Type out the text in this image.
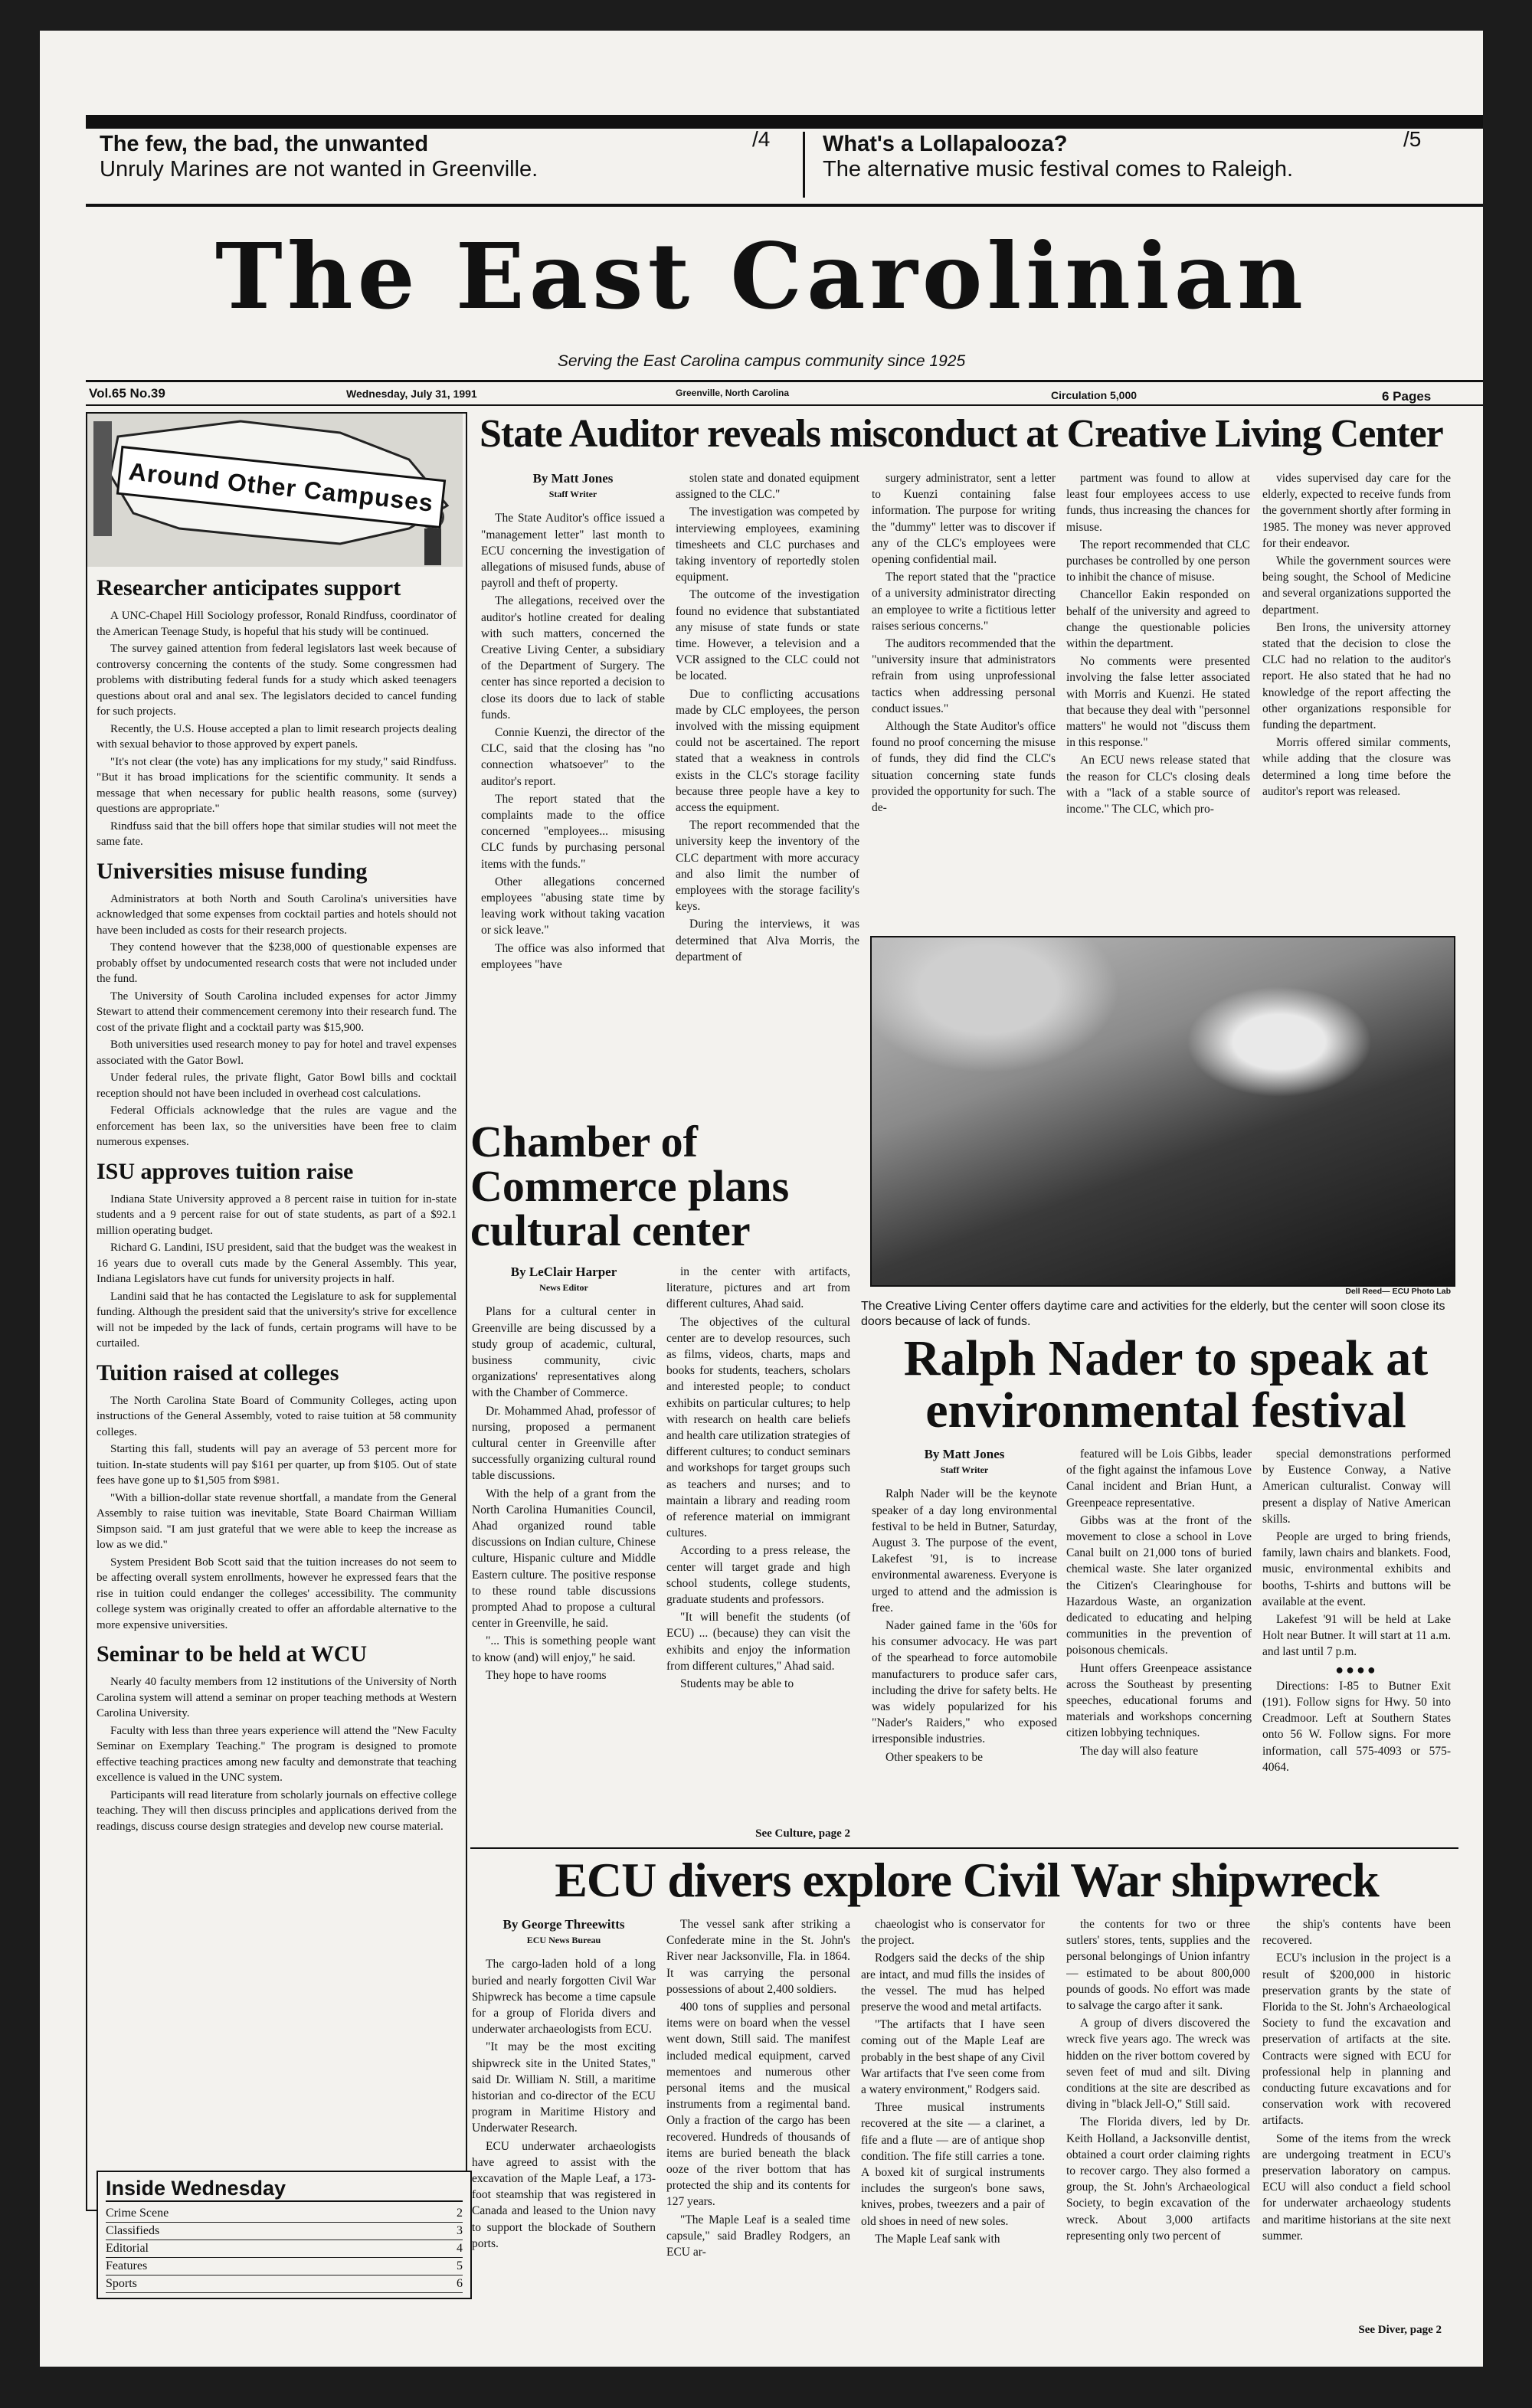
The few, the bad, the unwanted
Unruly Marines are not wanted in Greenville.
/4 What's a Lollapalooza?
The alternative music festival comes to Raleigh.
/5
The East Carolinian
Serving the East Carolina campus community since 1925
Vol.65 No.39	Wednesday, July 31, 1991	Greenville, North Carolina	Circulation 5,000	6 Pages
Around Other Campuses
Researcher anticipates support

A UNC-Chapel Hill Sociology professor, Ronald Rindfuss, coordinator of the American Teenage Study, is hopeful that his study will be continued.

The survey gained attention from federal legislators last week because of controversy concerning the contents of the study. Some congressmen had problems with distributing federal funds for a study which asked teenagers questions about oral and anal sex. The legislators decided to cancel funding for such projects.

Recently, the U.S. House accepted a plan to limit research projects dealing with sexual behavior to those approved by expert panels.

"It's not clear (the vote) has any implications for my study," said Rindfuss. "But it has broad implications for the scientific community. It sends a message that when necessary for public health reasons, some (survey) questions are appropriate."

Rindfuss said that the bill offers hope that similar studies will not meet the same fate.

Universities misuse funding

Administrators at both North and South Carolina's universities have acknowledged that some expenses from cocktail parties and hotels should not have been included as costs for their research projects.

They contend however that the $238,000 of questionable expenses are probably offset by undocumented research costs that were not included under the fund.

The University of South Carolina included expenses for actor Jimmy Stewart to attend their commencement ceremony into their research fund. The cost of the private flight and a cocktail party was $15,900.

Both universities used research money to pay for hotel and travel expenses associated with the Gator Bowl.

Under federal rules, the private flight, Gator Bowl bills and cocktail reception should not have been included in overhead cost calculations.

Federal Officials acknowledge that the rules are vague and the enforcement has been lax, so the universities have been free to claim numerous expenses.

ISU approves tuition raise

Indiana State University approved a 8 percent raise in tuition for in-state students and a 9 percent raise for out of state students, as part of a $92.1 million operating budget.

Richard G. Landini, ISU president, said that the budget was the weakest in 16 years due to overall cuts made by the General Assembly. This year, Indiana Legislators have cut funds for university projects in half.

Landini said that he has contacted the Legislature to ask for supplemental funding. Although the president said that the university's strive for excellence will not be impeded by the lack of funds, certain programs will have to be curtailed.

Tuition raised at colleges

The North Carolina State Board of Community Colleges, acting upon instructions of the General Assembly, voted to raise tuition at 58 community colleges.

Starting this fall, students will pay an average of 53 percent more for tuition. In-state students will pay $161 per quarter, up from $105. Out of state fees have gone up to $1,505 from $981.

"With a billion-dollar state revenue shortfall, a mandate from the General Assembly to raise tuition was inevitable, State Board Chairman William Simpson said. "I am just grateful that we were able to keep the increase as low as we did."

System President Bob Scott said that the tuition increases do not seem to be affecting overall system enrollments, however he expressed fears that the rise in tuition could endanger the colleges' accessibility. The community college system was originally created to offer an affordable alternative to the more expensive universities.

Seminar to be held at WCU

Nearly 40 faculty members from 12 institutions of the University of North Carolina system will attend a seminar on proper teaching methods at Western Carolina University.

Faculty with less than three years experience will attend the "New Faculty Seminar on Exemplary Teaching." The program is designed to promote effective teaching practices among new faculty and demonstrate that teaching excellence is valued in the UNC system.

Participants will read literature from scholarly journals on effective college teaching. They will then discuss principles and applications derived from the readings, discuss course design strategies and develop new course material.

Inside Wednesday
Crime Scene	2
Classifieds	3
Editorial	4
Features	5
Sports	6
State Auditor reveals misconduct at Creative Living Center
By Matt Jones
Staff Writer

The State Auditor's office issued a "management letter" last month to ECU concerning the investigation of allegations of misused funds, abuse of payroll and theft of property.

The allegations, received over the auditor's hotline created for dealing with such matters, concerned the Creative Living Center, a subsidiary of the Department of Surgery. The center has since reported a decision to close its doors due to lack of stable funds.

Connie Kuenzi, the director of the CLC, said that the closing has "no connection whatsoever" to the auditor's report.

The report stated that the complaints made to the office concerned "employees... misusing CLC funds by purchasing personal items with the funds."

Other allegations concerned employees "abusing state time by leaving work without taking vacation or sick leave."

The office was also informed that employees "have

stolen state and donated equipment assigned to the CLC."

The investigation was competed by interviewing employees, examining timesheets and CLC purchases and taking inventory of reportedly stolen equipment.

The outcome of the investigation found no evidence that substantiated any misuse of state funds or state time. However, a television and a VCR assigned to the CLC could not be located.

Due to conflicting accusations made by CLC employees, the person involved with the missing equipment could not be ascertained. The report stated that a weakness in controls exists in the CLC's storage facility because three people have a key to access the equipment.

The report recommended that the university keep the inventory of the CLC department with more accuracy and also limit the number of employees with the storage facility's keys.

During the interviews, it was determined that Alva Morris, the department of

surgery administrator, sent a letter to Kuenzi containing false information. The purpose for writing the "dummy" letter was to discover if any of the CLC's employees were opening confidential mail.

The report stated that the "practice of a university administrator directing an employee to write a fictitious letter raises serious concerns."

The auditors recommended that the "university insure that administrators refrain from using unprofessional tactics when addressing personal conduct issues."

Although the State Auditor's office found no proof concerning the misuse of funds, they did find the CLC's situation concerning state funds provided the opportunity for such. The de-

partment was found to allow at least four employees access to use funds, thus increasing the chances for misuse.

The report recommended that CLC purchases be controlled by one person to inhibit the chance of misuse.

Chancellor Eakin responded on behalf of the university and agreed to change the questionable policies within the department.

No comments were presented involving the false letter associated with Morris and Kuenzi. He stated that because they deal with "personnel matters" he would not "discuss them in this response."

An ECU news release stated that the reason for CLC's closing deals with a "lack of a stable source of income." The CLC, which pro-

vides supervised day care for the elderly, expected to receive funds from the government shortly after forming in 1985. The money was never approved for their endeavor.

While the government sources were being sought, the School of Medicine and several organizations supported the department.

Ben Irons, the university attorney stated that the decision to close the CLC had no relation to the auditor's report. He also stated that he had no knowledge of the report affecting the other organizations responsible for funding the department.

Morris offered similar comments, while adding that the closure was determined a long time before the auditor's report was released.

Dell Reed— ECU Photo Lab
The Creative Living Center offers daytime care and activities for the elderly, but the center will soon close its doors because of lack of funds.
Chamber of Commerce plans cultural center
By LeClair Harper
News Editor

Plans for a cultural center in Greenville are being discussed by a study group of academic, cultural, business community, civic organizations' representatives along with the Chamber of Commerce.

Dr. Mohammed Ahad, professor of nursing, proposed a permanent cultural center in Greenville after successfully organizing cultural round table discussions.

With the help of a grant from the North Carolina Humanities Council, Ahad organized round table discussions on Indian culture, Chinese culture, Hispanic culture and Middle Eastern culture. The positive response to these round table discussions prompted Ahad to propose a cultural center in Greenville, he said.

"... This is something people want to know (and) will enjoy," he said.

They hope to have rooms

in the center with artifacts, literature, pictures and art from different cultures, Ahad said.

The objectives of the cultural center are to develop resources, such as films, videos, charts, maps and books for students, teachers, scholars and interested people; to conduct exhibits on particular cultures; to help with research on health care beliefs and health care utilization strategies of different cultures; to conduct seminars and workshops for target groups such as teachers and nurses; and to maintain a library and reading room of reference material on immigrant cultures.

According to a press release, the center will target grade and high school students, college students, graduate students and professors.

"It will benefit the students (of ECU) ... (because) they can visit the exhibits and enjoy the information from different cultures," Ahad said.

Students may be able to

See Culture, page 2
Ralph Nader to speak at environmental festival
By Matt Jones
Staff Writer

Ralph Nader will be the keynote speaker of a day long environmental festival to be held in Butner, Saturday, August 3. The purpose of the event, Lakefest '91, is to increase environmental awareness. Everyone is urged to attend and the admission is free.

Nader gained fame in the '60s for his consumer advocacy. He was part of the spearhead to force automobile manufacturers to produce safer cars, including the drive for safety belts. He was widely popularized for his "Nader's Raiders," who exposed irresponsible industries.

Other speakers to be

featured will be Lois Gibbs, leader of the fight against the infamous Love Canal incident and Brian Hunt, a Greenpeace representative.

Gibbs was at the front of the movement to close a school in Love Canal built on 21,000 tons of buried chemical waste. She later organized the Citizen's Clearinghouse for Hazardous Waste, an organization dedicated to educating and helping communities in the prevention of poisonous chemicals.

Hunt offers Greenpeace assistance across the Southeast by presenting speeches, educational forums and materials and workshops concerning citizen lobbying techniques.

The day will also feature

special demonstrations performed by Eustence Conway, a Native American culturalist. Conway will present a display of Native American skills.

People are urged to bring friends, family, lawn chairs and blankets. Food, music, environmental exhibits and booths, T-shirts and buttons will be available at the event.

Lakefest '91 will be held at Lake Holt near Butner. It will start at 11 a.m. and last until 7 p.m.

●●●●

Directions: I-85 to Butner Exit (191). Follow signs for Hwy. 50 into Creadmoor. Left at Southern States onto 56 W. Follow signs. For more information, call 575-4093 or 575-4064.

ECU divers explore Civil War shipwreck
By George Threewitts
ECU News Bureau

The cargo-laden hold of a long buried and nearly forgotten Civil War Shipwreck has become a time capsule for a group of Florida divers and underwater archaeologists from ECU.

"It may be the most exciting shipwreck site in the United States," said Dr. William N. Still, a maritime historian and co-director of the ECU program in Maritime History and Underwater Research.

ECU underwater archaeologists have agreed to assist with the excavation of the Maple Leaf, a 173-foot steamship that was registered in Canada and leased to the Union navy to support the blockade of Southern ports.

The vessel sank after striking a Confederate mine in the St. John's River near Jacksonville, Fla. in 1864. It was carrying the personal possessions of about 2,400 soldiers.

400 tons of supplies and personal items were on board when the vessel went down, Still said. The manifest included medical equipment, carved mementoes and numerous other personal items and the musical instruments from a regimental band. Only a fraction of the cargo has been recovered. Hundreds of thousands of items are buried beneath the black ooze of the river bottom that has protected the ship and its contents for 127 years.

"The Maple Leaf is a sealed time capsule," said Bradley Rodgers, an ECU ar-

chaeologist who is conservator for the project.

Rodgers said the decks of the ship are intact, and mud fills the insides of the vessel. The mud has helped preserve the wood and metal artifacts.

"The artifacts that I have seen coming out of the Maple Leaf are probably in the best shape of any Civil War artifacts that I've seen come from a watery environment," Rodgers said.

Three musical instruments recovered at the site — a clarinet, a fife and a flute — are of antique shop condition. The fife still carries a tone. A boxed kit of surgical instruments includes the surgeon's bone saws, knives, probes, tweezers and a pair of old shoes in need of new soles.

The Maple Leaf sank with

the contents for two or three sutlers' stores, tents, supplies and the personal belongings of Union infantry — estimated to be about 800,000 pounds of goods. No effort was made to salvage the cargo after it sank.

A group of divers discovered the wreck five years ago. The wreck was hidden on the river bottom covered by seven feet of mud and silt. Diving conditions at the site are described as diving in "black Jell-O," Still said.

The Florida divers, led by Dr. Keith Holland, a Jacksonville dentist, obtained a court order claiming rights to recover cargo. They also formed a group, the St. John's Archaeological Society, to begin excavation of the wreck. About 3,000 artifacts representing only two percent of

the ship's contents have been recovered.

ECU's inclusion in the project is a result of $200,000 in historic preservation grants by the state of Florida to the St. John's Archaeological Society to fund the excavation and preservation of artifacts at the site. Contracts were signed with ECU for professional help in planning and conducting future excavations and for conservation work with recovered artifacts.

Some of the items from the wreck are undergoing treatment in ECU's preservation laboratory on campus. ECU will also conduct a field school for underwater archaeology students and maritime historians at the site next summer.

See Diver, page 2
